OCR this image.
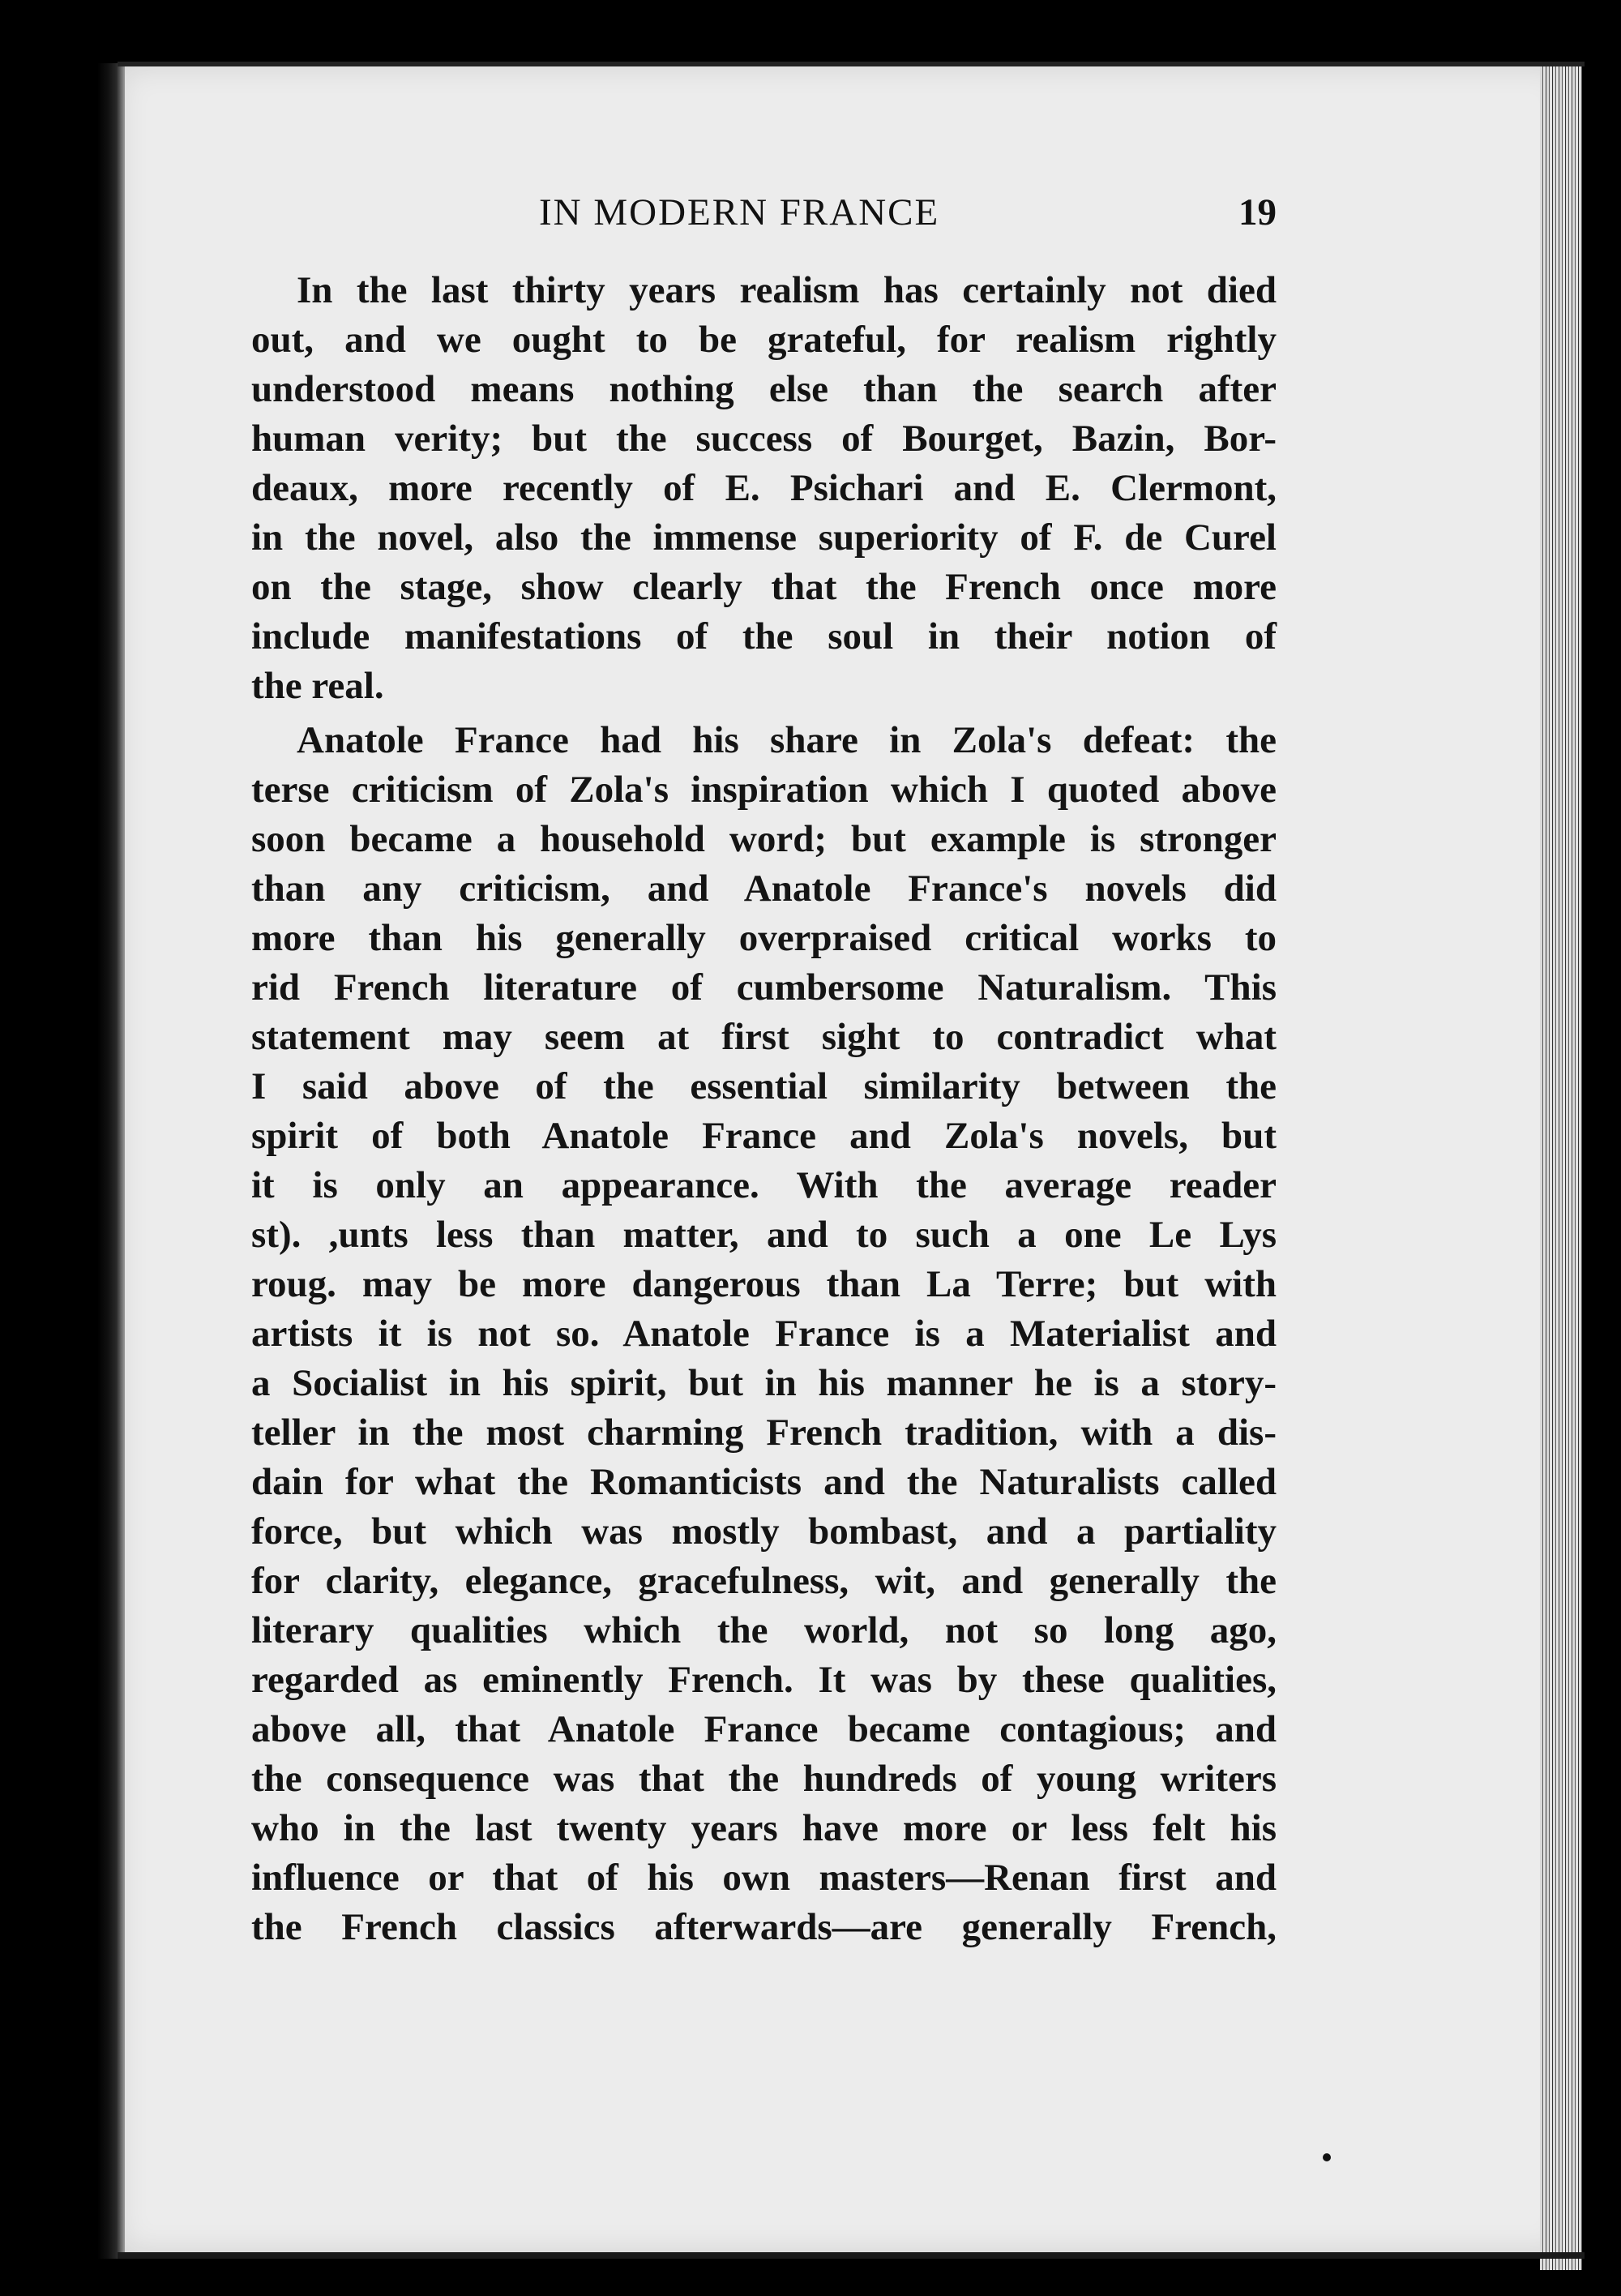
IN MODERN FRANCE	19
In the last thirty years realism has certainly not died
out, and we ought to be grateful, for realism rightly
understood means nothing else than the search after
human verity; but the success of Bourget, Bazin, Bor-
deaux, more recently of E. Psichari and E. Clermont,
in the novel, also the immense superiority of F. de Curel
on the stage, show clearly that the French once more
include manifestations of the soul in their notion of
the real.
Anatole France had his share in Zola's defeat: the
terse criticism of Zola's inspiration which I quoted above
soon became a household word; but example is stronger
than any criticism, and Anatole France's novels did
more than his generally overpraised critical works to
rid French literature of cumbersome Naturalism. This
statement may seem at first sight to contradict what
I said above of the essential similarity between the
spirit of both Anatole France and Zola's novels, but
it is only an appearance. With the average reader
st). ,unts less than matter, and to such a one Le Lys
roug. may be more dangerous than La Terre; but with
artists it is not so. Anatole France is a Materialist and
a Socialist in his spirit, but in his manner he is a story-
teller in the most charming French tradition, with a dis-
dain for what the Romanticists and the Naturalists called
force, but which was mostly bombast, and a partiality
for clarity, elegance, gracefulness, wit, and generally the
literary qualities which the world, not so long ago,
regarded as eminently French. It was by these qualities,
above all, that Anatole France became contagious; and
the consequence was that the hundreds of young writers
who in the last twenty years have more or less felt his
influence or that of his own masters—Renan first and
the French classics afterwards—are generally French,
